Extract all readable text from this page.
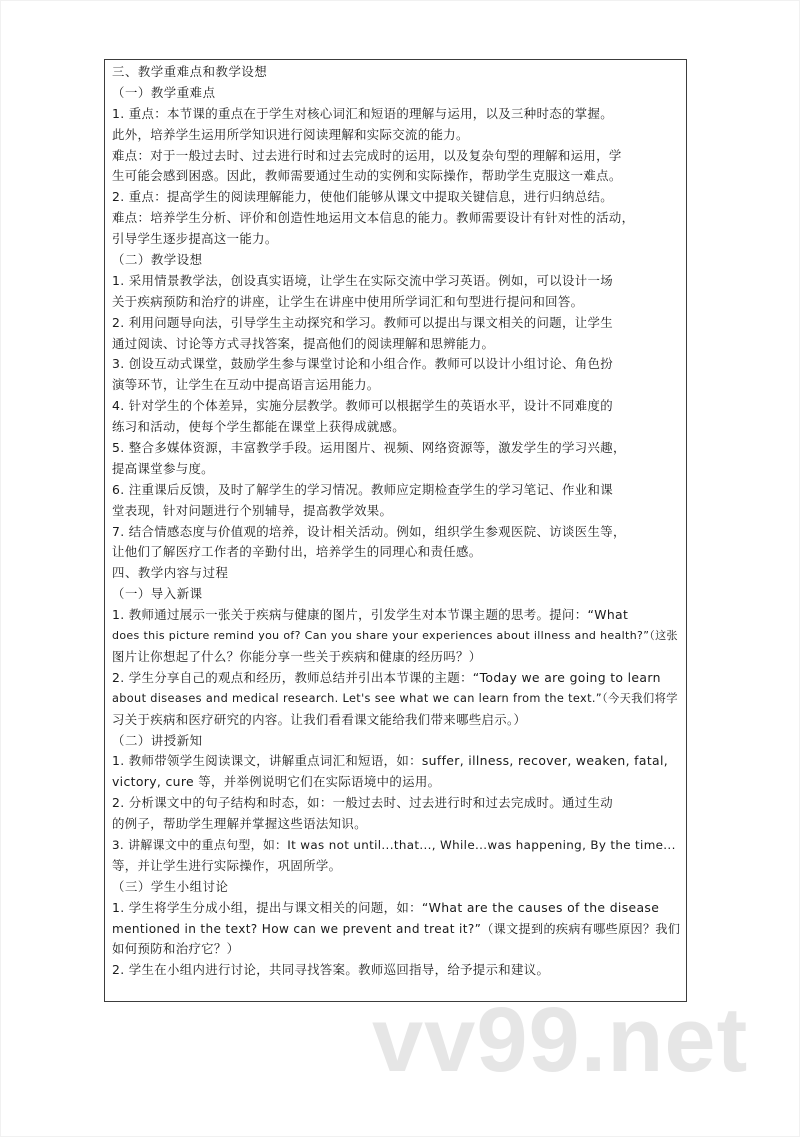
三、教学重难点和教学设想
（一）教学重难点
1. 重点：本节课的重点在于学生对核心词汇和短语的理解与运用，以及三种时态的掌握。
此外，培养学生运用所学知识进行阅读理解和实际交流的能力。
难点：对于一般过去时、过去进行时和过去完成时的运用，以及复杂句型的理解和运用，学
生可能会感到困惑。因此，教师需要通过生动的实例和实际操作，帮助学生克服这一难点。
2. 重点：提高学生的阅读理解能力，使他们能够从课文中提取关键信息，进行归纳总结。
难点：培养学生分析、评价和创造性地运用文本信息的能力。教师需要设计有针对性的活动，
引导学生逐步提高这一能力。
（二）教学设想
1. 采用情景教学法，创设真实语境，让学生在实际交流中学习英语。例如，可以设计一场
关于疾病预防和治疗的讲座，让学生在讲座中使用所学词汇和句型进行提问和回答。
2. 利用问题导向法，引导学生主动探究和学习。教师可以提出与课文相关的问题，让学生
通过阅读、讨论等方式寻找答案，提高他们的阅读理解和思辨能力。
3. 创设互动式课堂，鼓励学生参与课堂讨论和小组合作。教师可以设计小组讨论、角色扮
演等环节，让学生在互动中提高语言运用能力。
4. 针对学生的个体差异，实施分层教学。教师可以根据学生的英语水平，设计不同难度的
练习和活动，使每个学生都能在课堂上获得成就感。
5. 整合多媒体资源，丰富教学手段。运用图片、视频、网络资源等，激发学生的学习兴趣，
提高课堂参与度。
6. 注重课后反馈，及时了解学生的学习情况。教师应定期检查学生的学习笔记、作业和课
堂表现，针对问题进行个别辅导，提高教学效果。
7. 结合情感态度与价值观的培养，设计相关活动。例如，组织学生参观医院、访谈医生等，
让他们了解医疗工作者的辛勤付出，培养学生的同理心和责任感。
四、教学内容与过程
（一）导入新课
1. 教师通过展示一张关于疾病与健康的图片，引发学生对本节课主题的思考。提问：“What
does this picture remind you of? Can you share your experiences about illness and health?”（这张
图片让你想起了什么？你能分享一些关于疾病和健康的经历吗？）
2. 学生分享自己的观点和经历，教师总结并引出本节课的主题：“Today we are going to learn
about diseases and medical research. Let's see what we can learn from the text.”（今天我们将学
习关于疾病和医疗研究的内容。让我们看看课文能给我们带来哪些启示。）
（二）讲授新知
1. 教师带领学生阅读课文，讲解重点词汇和短语，如：suffer, illness, recover, weaken, fatal,
victory, cure 等，并举例说明它们在实际语境中的运用。
2. 分析课文中的句子结构和时态，如：一般过去时、过去进行时和过去完成时。通过生动
的例子，帮助学生理解并掌握这些语法知识。
3. 讲解课文中的重点句型，如：It was not until...that..., While...was happening, By the time...
等，并让学生进行实际操作，巩固所学。
（三）学生小组讨论
1. 学生将学生分成小组，提出与课文相关的问题，如：“What are the causes of the disease
mentioned in the text? How can we prevent and treat it?”（课文提到的疾病有哪些原因？我们
如何预防和治疗它？）
2. 学生在小组内进行讨论，共同寻找答案。教师巡回指导，给予提示和建议。
vv99.net
